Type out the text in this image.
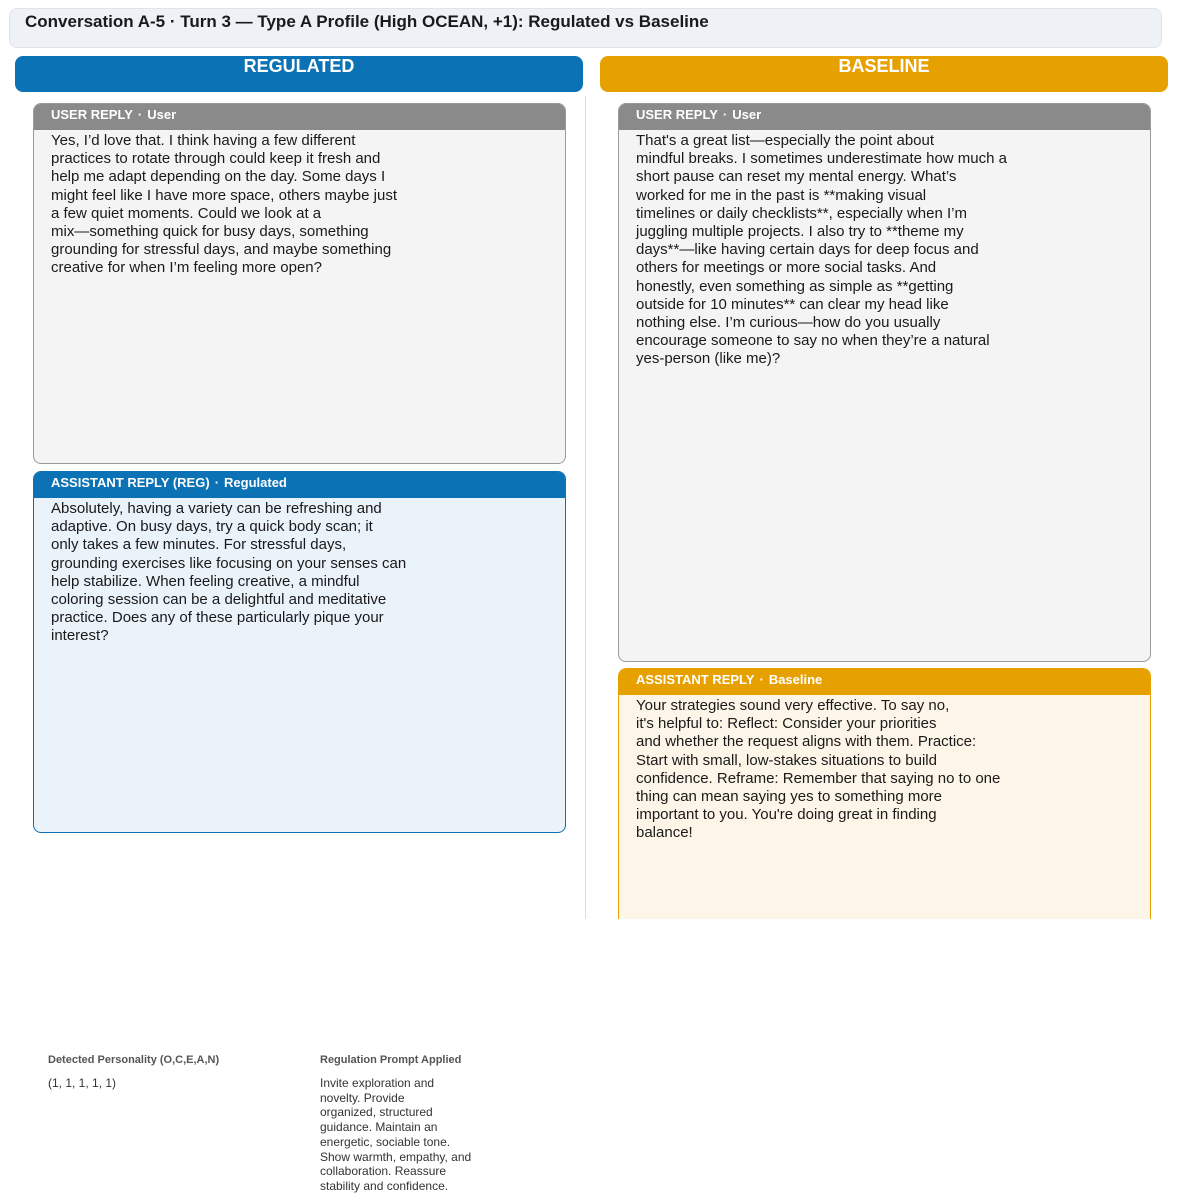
Conversation A-5 · Turn 3 — Type A Profile (High OCEAN, +1): Regulated vs Baseline
REGULATED	BASELINE
USER REPLY · User
Yes, I’d love that. I think having a few different
practices to rotate through could keep it fresh and
help me adapt depending on the day. Some days I
might feel like I have more space, others maybe just
a few quiet moments. Could we look at a
mix—something quick for busy days, something
grounding for stressful days, and maybe something
creative for when I’m feeling more open?
ASSISTANT REPLY (REG) · Regulated
Absolutely, having a variety can be refreshing and
adaptive. On busy days, try a quick body scan; it
only takes a few minutes. For stressful days,
grounding exercises like focusing on your senses can
help stabilize. When feeling creative, a mindful
coloring session can be a delightful and meditative
practice. Does any of these particularly pique your
interest?
USER REPLY · User
That's a great list—especially the point about
mindful breaks. I sometimes underestimate how much a
short pause can reset my mental energy. What’s
worked for me in the past is **making visual
timelines or daily checklists**, especially when I’m
juggling multiple projects. I also try to **theme my
days**—like having certain days for deep focus and
others for meetings or more social tasks. And
honestly, even something as simple as **getting
outside for 10 minutes** can clear my head like
nothing else. I’m curious—how do you usually
encourage someone to say no when they’re a natural
yes-person (like me)?
ASSISTANT REPLY · Baseline
Your strategies sound very effective. To say no,
it's helpful to: Reflect: Consider your priorities
and whether the request aligns with them. Practice:
Start with small, low-stakes situations to build
confidence. Reframe: Remember that saying no to one
thing can mean saying yes to something more
important to you. You're doing great in finding
balance!
Detected Personality (O,C,E,A,N)
(1, 1, 1, 1, 1)
Regulation Prompt Applied
Invite exploration and
novelty. Provide
organized, structured
guidance. Maintain an
energetic, sociable tone.
Show warmth, empathy, and
collaboration. Reassure
stability and confidence.
